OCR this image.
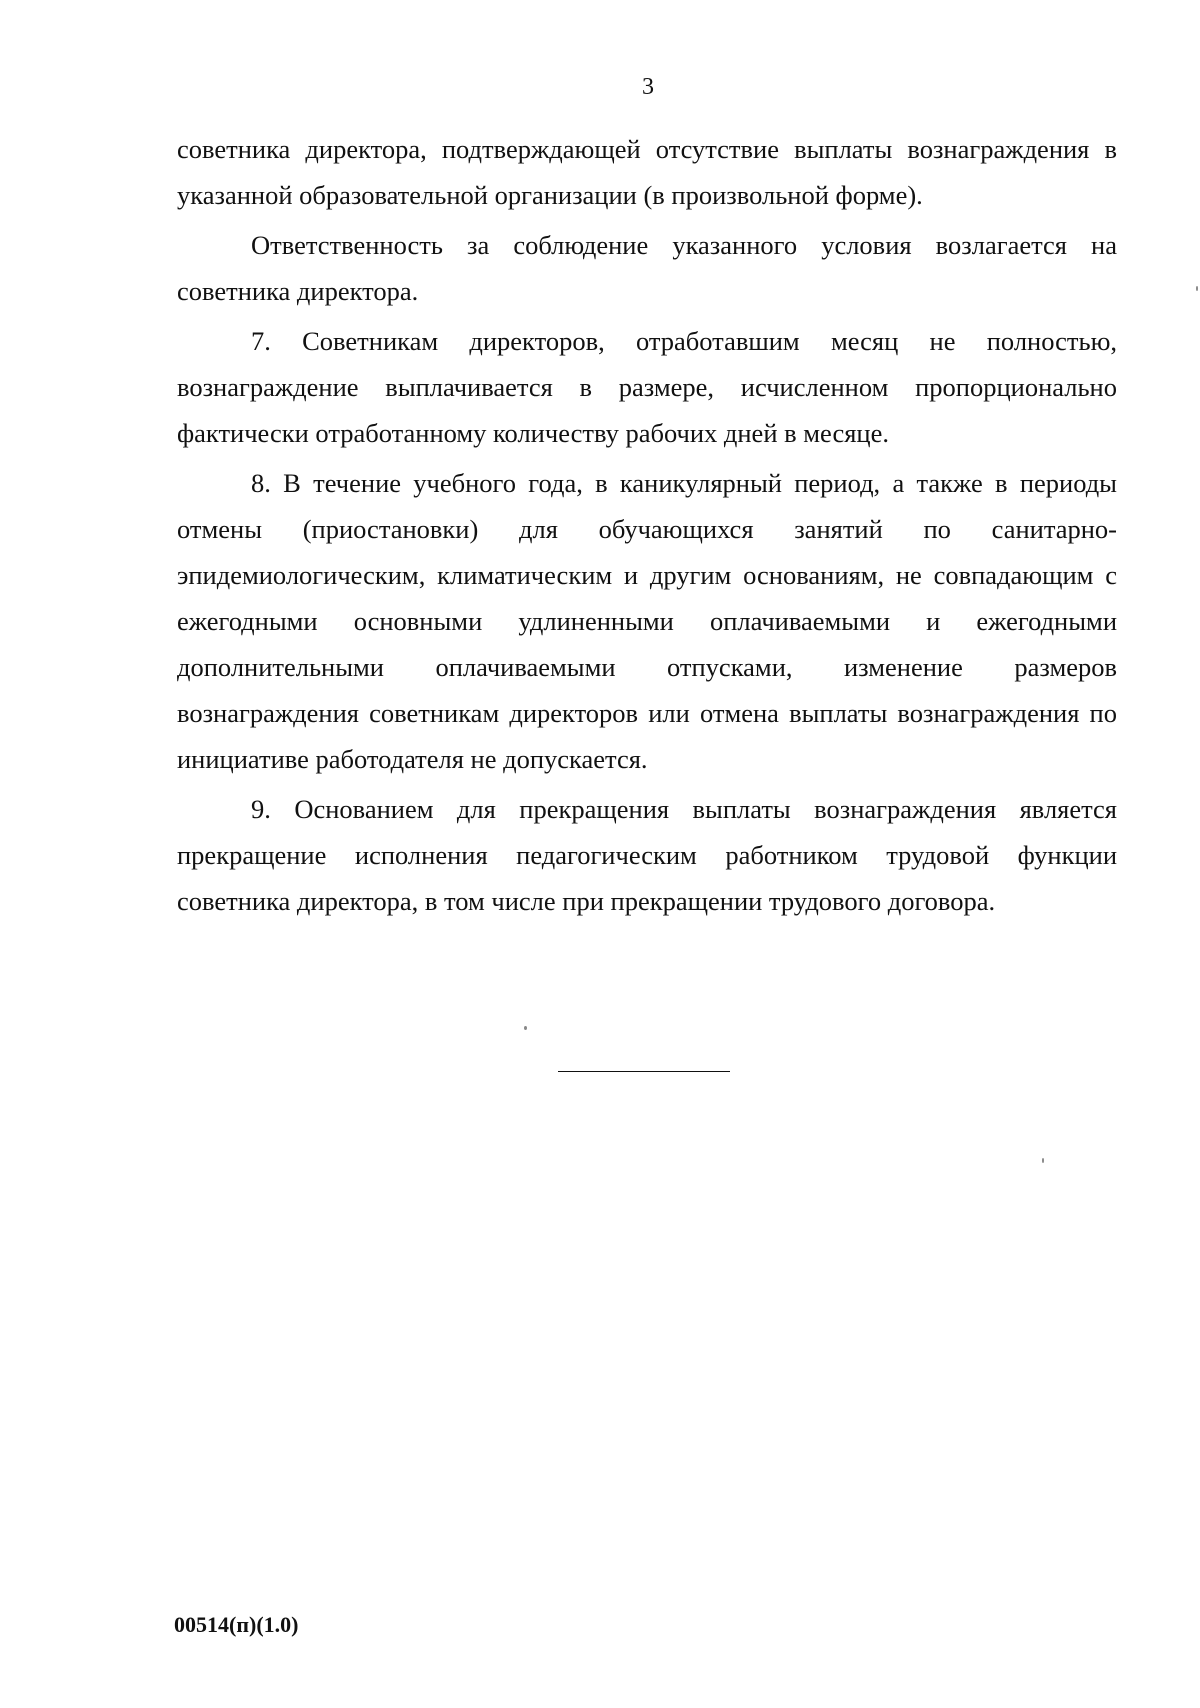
3

советника директора, подтверждающей отсутствие выплаты вознаграждения в указанной образовательной организации (в произвольной форме).

Ответственность за соблюдение указанного условия возлагается на советника директора.

7. Советникам директоров, отработавшим месяц не полностью, вознаграждение выплачивается в размере, исчисленном пропорционально фактически отработанному количеству рабочих дней в месяце.

8. В течение учебного года, в каникулярный период, а также в периоды отмены (приостановки) для обучающихся занятий по санитарно-эпидемиологическим, климатическим и другим основаниям, не совпадающим с ежегодными основными удлиненными оплачиваемыми и ежегодными дополнительными оплачиваемыми отпусками, изменение размеров вознаграждения советникам директоров или отмена выплаты вознаграждения по инициативе работодателя не допускается.

9. Основанием для прекращения выплаты вознаграждения является прекращение исполнения педагогическим работником трудовой функции советника директора, в том числе при прекращении трудового договора.

00514(п)(1.0)
